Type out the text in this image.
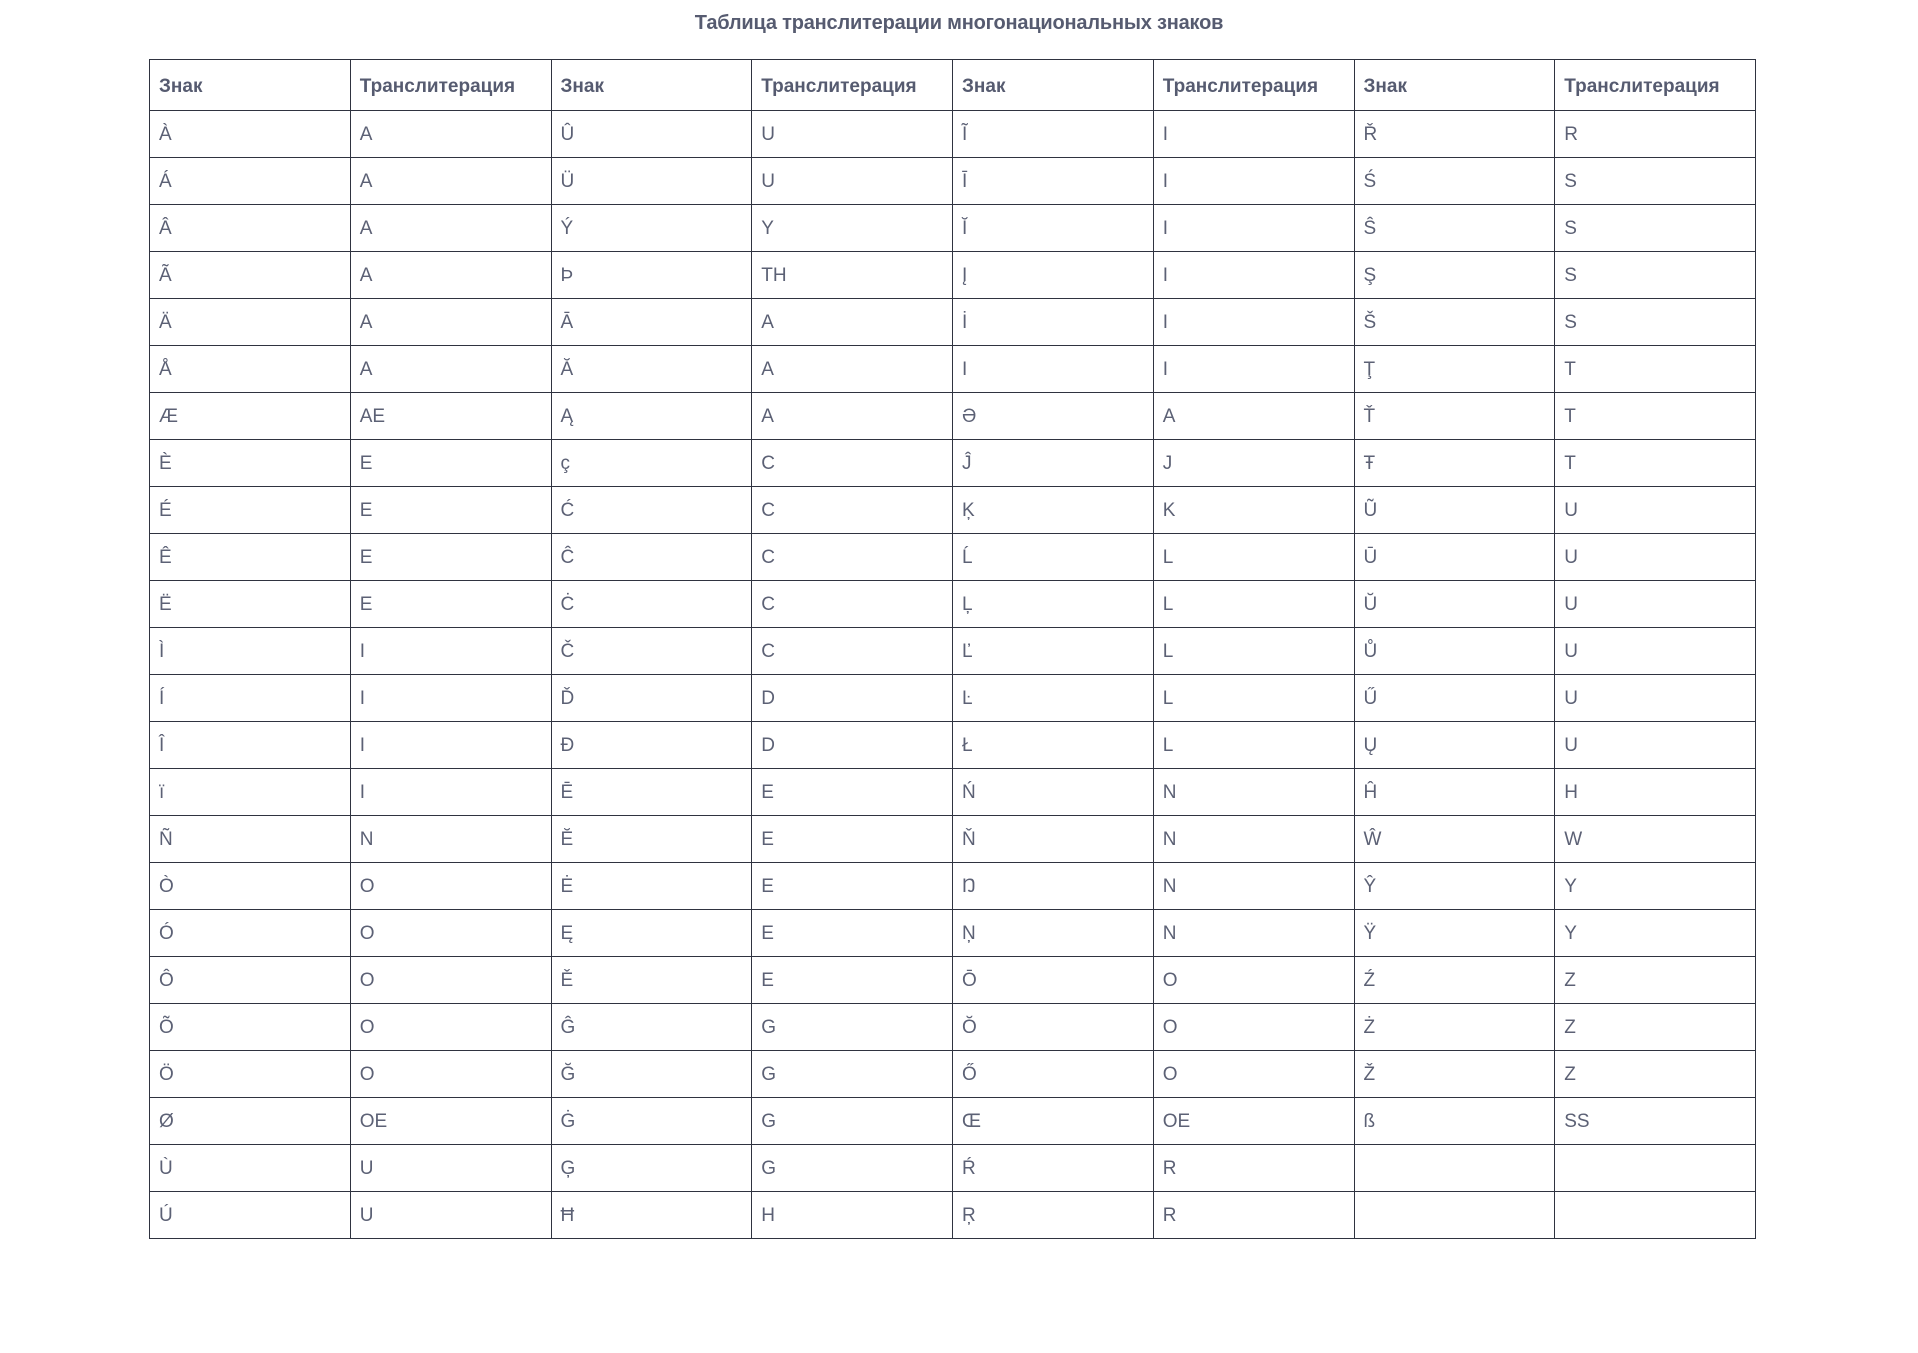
Таблица транслитерации многонациональных знаков
Знак	Транслитерация	Знак	Транслитерация	Знак	Транслитерация	Знак	Транслитерация
À	A	Û	U	Ĩ	I	Ř	R
Á	A	Ü	U	Ī	I	Ś	S
Â	A	Ý	Y	Ĭ	I	Ŝ	S
Ã	A	Þ	TH	Į	I	Ş	S
Ä	A	Ā	A	İ	I	Š	S
Å	A	Ă	A	I	I	Ţ	T
Æ	AE	Ą	A	Ə	A	Ť	T
È	E	ç	C	Ĵ	J	Ŧ	T
É	E	Ć	C	Ķ	K	Ũ	U
Ê	E	Ĉ	C	Ĺ	L	Ū	U
Ë	E	Ċ	C	Ļ	L	Ŭ	U
Ì	I	Č	C	Ľ	L	Ů	U
Í	I	Ď	D	Ŀ	L	Ű	U
Î	I	Đ	D	Ł	L	Ų	U
ï	I	Ē	E	Ń	N	Ĥ	H
Ñ	N	Ĕ	E	Ň	N	Ŵ	W
Ò	O	Ė	E	Ŋ	N	Ŷ	Y
Ó	O	Ę	E	Ņ	N	Ÿ	Y
Ô	O	Ě	E	Ō	O	Ź	Z
Õ	O	Ĝ	G	Ŏ	O	Ż	Z
Ö	O	Ğ	G	Ő	O	Ž	Z
Ø	OE	Ġ	G	Œ	OE	ß	SS
Ù	U	Ģ	G	Ŕ	R		
Ú	U	Ħ	H	Ŗ	R		
